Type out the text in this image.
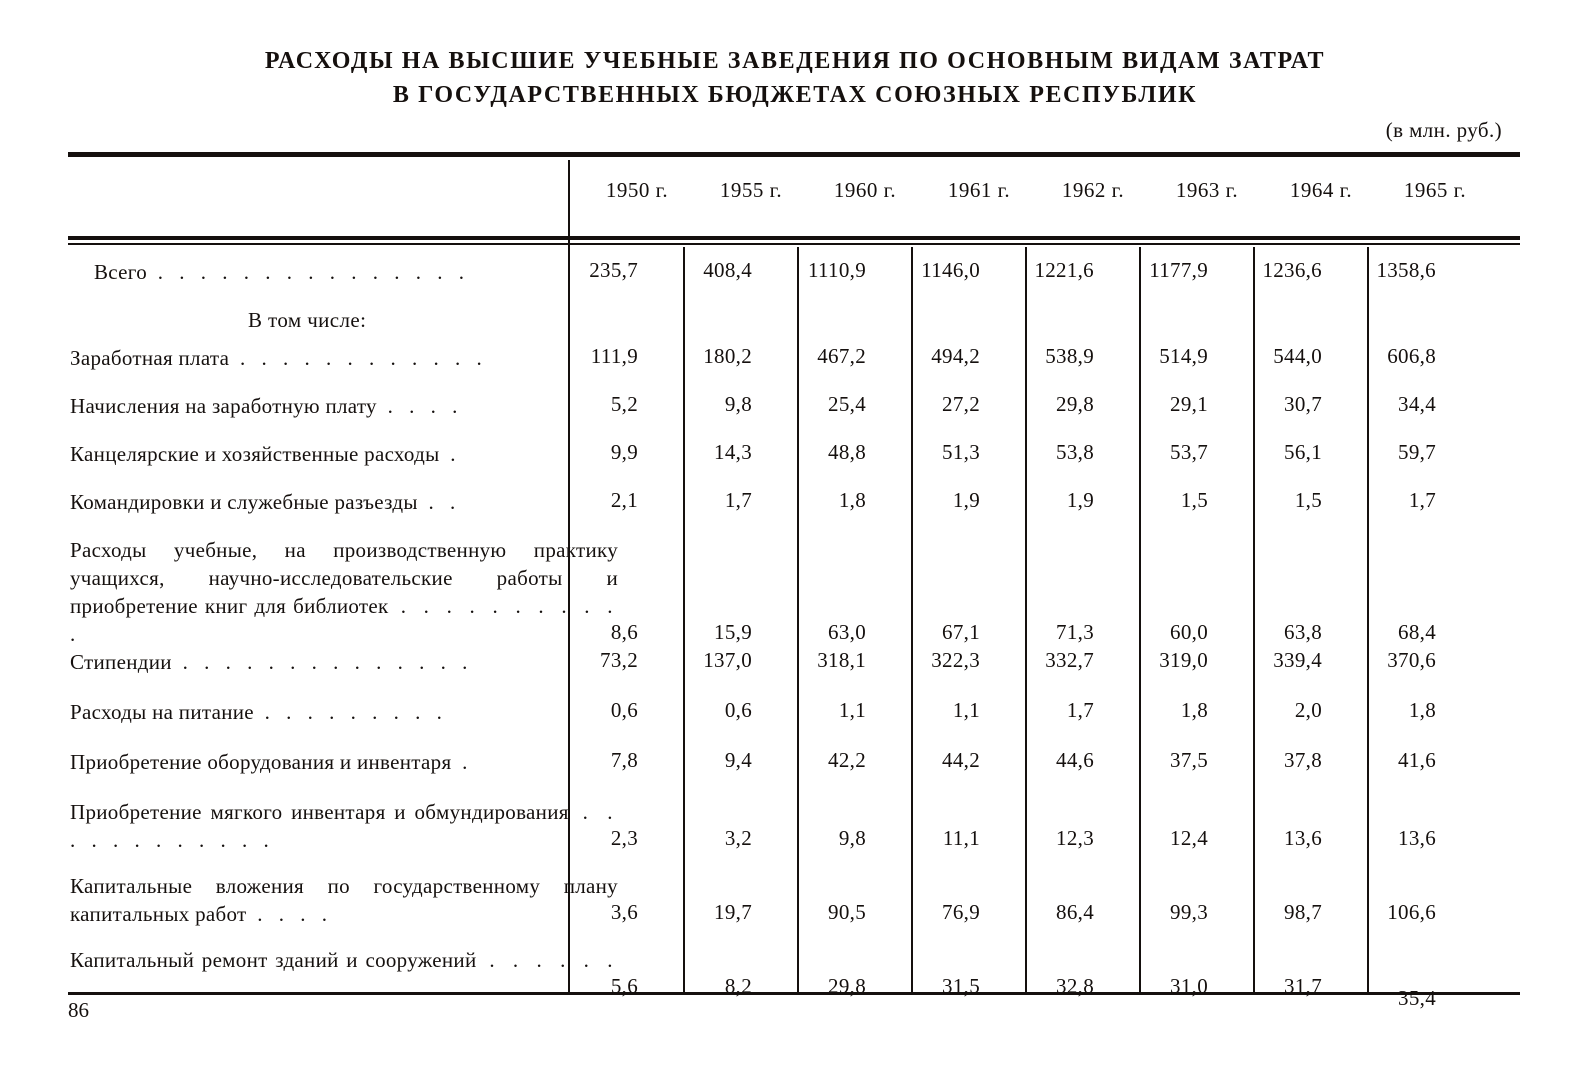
РАСХОДЫ НА ВЫСШИЕ УЧЕБНЫЕ ЗАВЕДЕНИЯ ПО ОСНОВНЫМ ВИДАМ ЗАТРАТ
В ГОСУДАРСТВЕННЫХ БЮДЖЕТАХ СОЮЗНЫХ РЕСПУБЛИК
(в млн. руб.)
1950 г.	1955 г.	1960 г.	1961 г.	1962 г.	1963 г.	1964 г.	1965 г.
Всего . . . . . . . . . . . . . . .	235,7	408,4	1110,9	1146,0	1221,6	1177,9	1236,6	1358,6
В том числе:
Заработная плата . . . . . . . . . . . .	111,9	180,2	467,2	494,2	538,9	514,9	544,0	606,8
Начисления на заработную плату . . . .	5,2	9,8	25,4	27,2	29,8	29,1	30,7	34,4
Канцелярские и хозяйственные расходы .	9,9	14,3	48,8	51,3	53,8	53,7	56,1	59,7
Командировки и служебные разъезды . .	2,1	1,7	1,8	1,9	1,9	1,5	1,5	1,7
Расходы учебные, на производственную практику учащихся, научно-исследовательские работы и приобретение книг для библиотек . . . . . . . . . . .	8,6	15,9	63,0	67,1	71,3	60,0	63,8	68,4
Стипендии . . . . . . . . . . . . . .	73,2	137,0	318,1	322,3	332,7	319,0	339,4	370,6
Расходы на питание . . . . . . . . .	0,6	0,6	1,1	1,1	1,7	1,8	2,0	1,8
Приобретение оборудования и инвентаря .	7,8	9,4	42,2	44,2	44,6	37,5	37,8	41,6
Приобретение мягкого инвентаря и обмундирования . . . . . . . . . . . .	2,3	3,2	9,8	11,1	12,3	12,4	13,6	13,6
Капитальные вложения по государственному плану капитальных работ . . . .	3,6	19,7	90,5	76,9	86,4	99,3	98,7	106,6
Капитальный ремонт зданий и сооружений . . . . . . . . . . . . .	5,6	8,2	29,8	31,5	32,8	31,0	31,7	35,4
86
